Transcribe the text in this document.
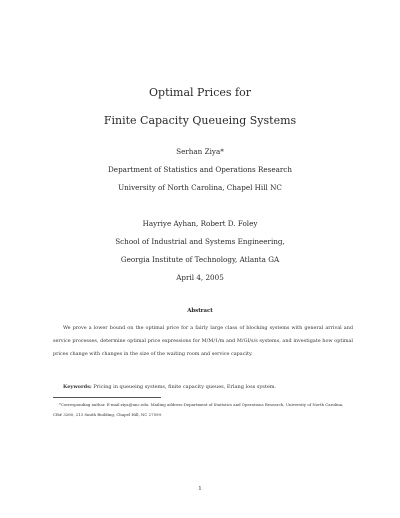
Optimal Prices for
Finite Capacity Queueing Systems
Serhan Ziya*
Department of Statistics and Operations Research
University of North Carolina, Chapel Hill NC
Hayriye Ayhan, Robert D. Foley
School of Industrial and Systems Engineering,
Georgia Institute of Technology, Atlanta GA
April 4, 2005
Abstract
We prove a lower bound on the optimal price for a fairly large class of blocking systems with general arrival and service processes, determine optimal price expressions for M/M/1/m and M/GI/s/s systems, and investigate how optimal prices change with changes in the size of the waiting room and service capacity.
Keywords: Pricing in queueing systems, finite capacity queues, Erlang loss system.
*Corresponding author. E-mail:ziya@unc.edu. Mailing address:Department of Statistics and Operations Research, University of North Carolina, CB# 3260, 213 Smith Building, Chapel Hill, NC 27599.
1
